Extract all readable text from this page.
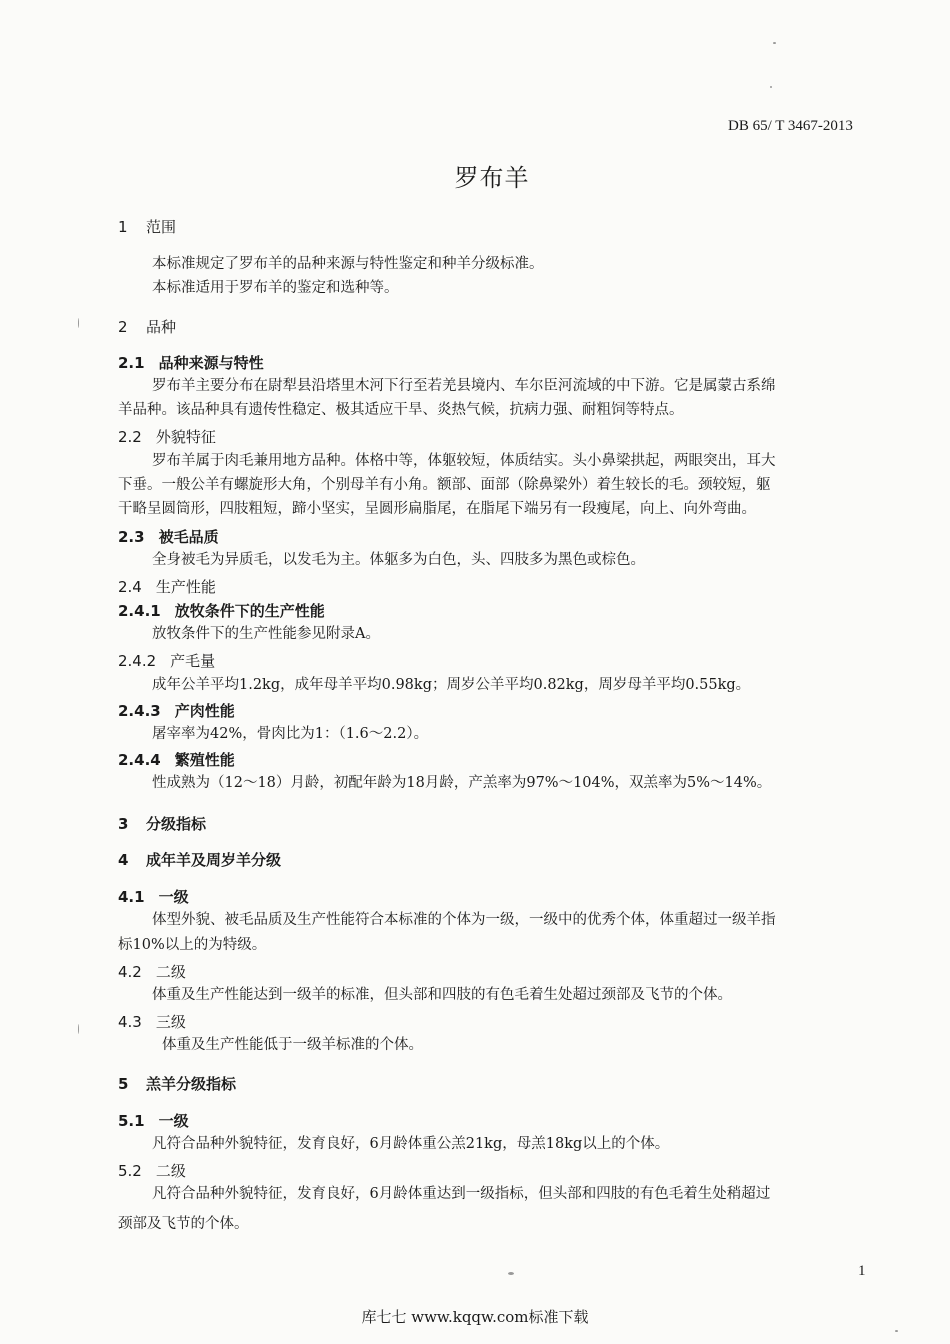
DB 65/ T 3467-2013
罗布羊
1 范围
本标准规定了罗布羊的品种来源与特性鉴定和种羊分级标准。
本标准适用于罗布羊的鉴定和选种等。
2 品种
2.1 品种来源与特性
罗布羊主要分布在尉犁县沿塔里木河下行至若羌县境内、车尔臣河流域的中下游。它是属蒙古系绵
羊品种。该品种具有遗传性稳定、极其适应干旱、炎热气候，抗病力强、耐粗饲等特点。
2.2 外貌特征
罗布羊属于肉毛兼用地方品种。体格中等，体躯较短，体质结实。头小鼻梁拱起，两眼突出，耳大
下垂。一般公羊有螺旋形大角，个别母羊有小角。额部、面部（除鼻梁外）着生较长的毛。颈较短，躯
干略呈圆筒形，四肢粗短，蹄小坚实，呈圆形扁脂尾，在脂尾下端另有一段瘦尾，向上、向外弯曲。
2.3 被毛品质
全身被毛为异质毛，以发毛为主。体躯多为白色，头、四肢多为黑色或棕色。
2.4 生产性能
2.4.1 放牧条件下的生产性能
放牧条件下的生产性能参见附录A。
2.4.2 产毛量
成年公羊平均1.2kg，成年母羊平均0.98kg；周岁公羊平均0.82kg，周岁母羊平均0.55kg。
2.4.3 产肉性能
屠宰率为42%，骨肉比为1：（1.6～2.2）。
2.4.4 繁殖性能
性成熟为（12～18）月龄，初配年龄为18月龄，产羔率为97%～104%，双羔率为5%～14%。
3 分级指标
4 成年羊及周岁羊分级
4.1 一级
体型外貌、被毛品质及生产性能符合本标准的个体为一级，一级中的优秀个体，体重超过一级羊指
标10%以上的为特级。
4.2 二级
体重及生产性能达到一级羊的标准，但头部和四肢的有色毛着生处超过颈部及飞节的个体。
4.3 三级
体重及生产性能低于一级羊标准的个体。
5 羔羊分级指标
5.1 一级
凡符合品种外貌特征，发育良好，6月龄体重公羔21kg，母羔18kg以上的个体。
5.2 二级
凡符合品种外貌特征，发育良好，6月龄体重达到一级指标，但头部和四肢的有色毛着生处稍超过
颈部及飞节的个体。
1
库七七 www.kqqw.com标准下载
